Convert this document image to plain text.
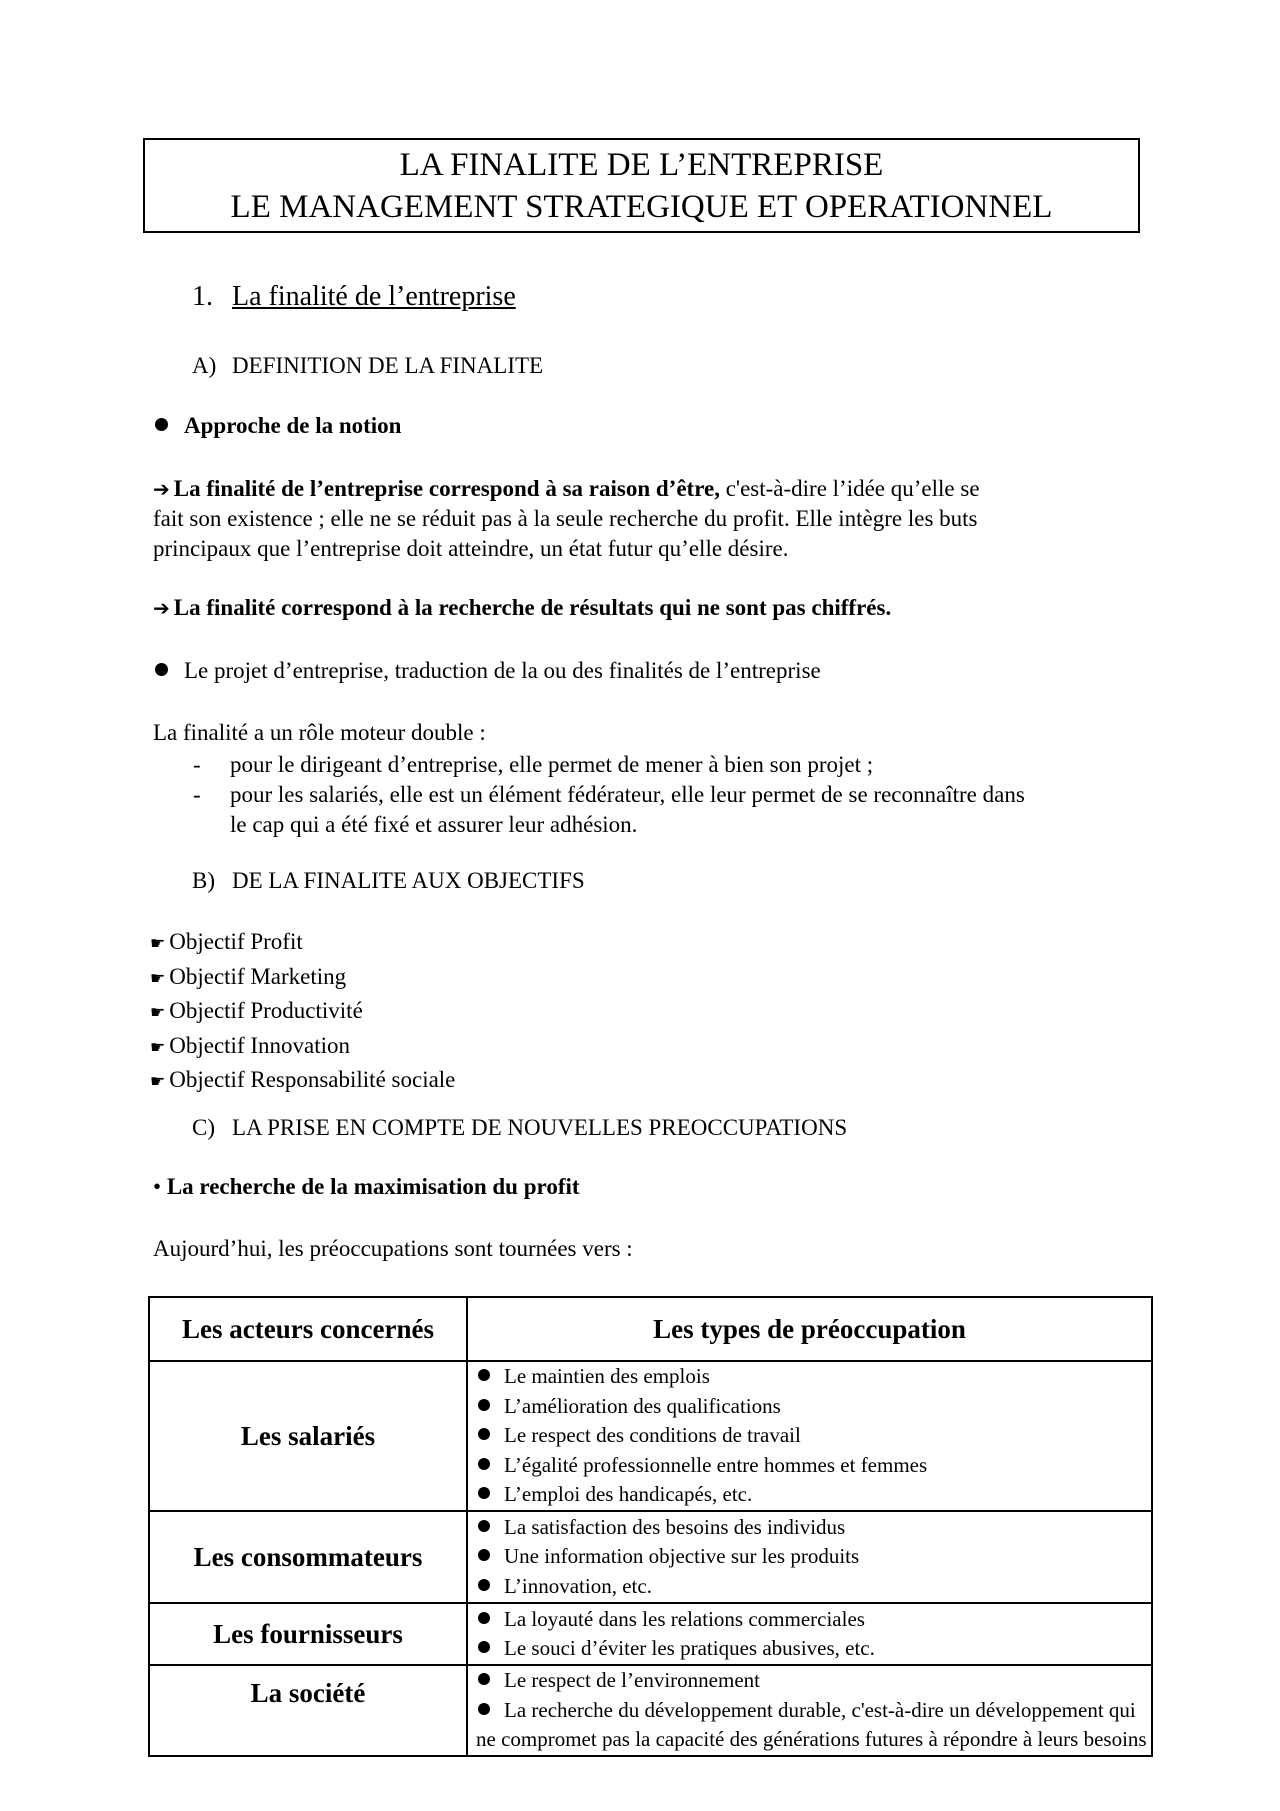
LA FINALITE DE L’ENTREPRISE
LE MANAGEMENT STRATEGIQUE ET OPERATIONNEL
1. La finalité de l’entreprise
A) DEFINITION DE LA FINALITE
Approche de la notion
➔ La finalité de l’entreprise correspond à sa raison d’être, c'est-à-dire l’idée qu’elle se
fait son existence ; elle ne se réduit pas à la seule recherche du profit. Elle intègre les buts
principaux que l’entreprise doit atteindre, un état futur qu’elle désire.
➔ La finalité correspond à la recherche de résultats qui ne sont pas chiffrés.
Le projet d’entreprise, traduction de la ou des finalités de l’entreprise
La finalité a un rôle moteur double :
- pour le dirigeant d’entreprise, elle permet de mener à bien son projet ;
- pour les salariés, elle est un élément fédérateur, elle leur permet de se reconnaître dans
le cap qui a été fixé et assurer leur adhésion.
B) DE LA FINALITE AUX OBJECTIFS
☛ Objectif Profit
☛ Objectif Marketing
☛ Objectif Productivité
☛ Objectif Innovation
☛ Objectif Responsabilité sociale
C) LA PRISE EN COMPTE DE NOUVELLES PREOCCUPATIONS
• La recherche de la maximisation du profit
Aujourd’hui, les préoccupations sont tournées vers :
Les acteurs concernés	Les types de préoccupation
Les salariés	Le maintien des emplois
L’amélioration des qualifications
Le respect des conditions de travail
L’égalité professionnelle entre hommes et femmes
L’emploi des handicapés, etc.

Les consommateurs	La satisfaction des besoins des individus
Une information objective sur les produits
L’innovation, etc.

Les fournisseurs	La loyauté dans les relations commerciales
Le souci d’éviter les pratiques abusives, etc.

La société	Le respect de l’environnement
La recherche du développement durable, c'est-à-dire un développement qui ne compromet pas la capacité des générations futures à répondre à leurs besoins
